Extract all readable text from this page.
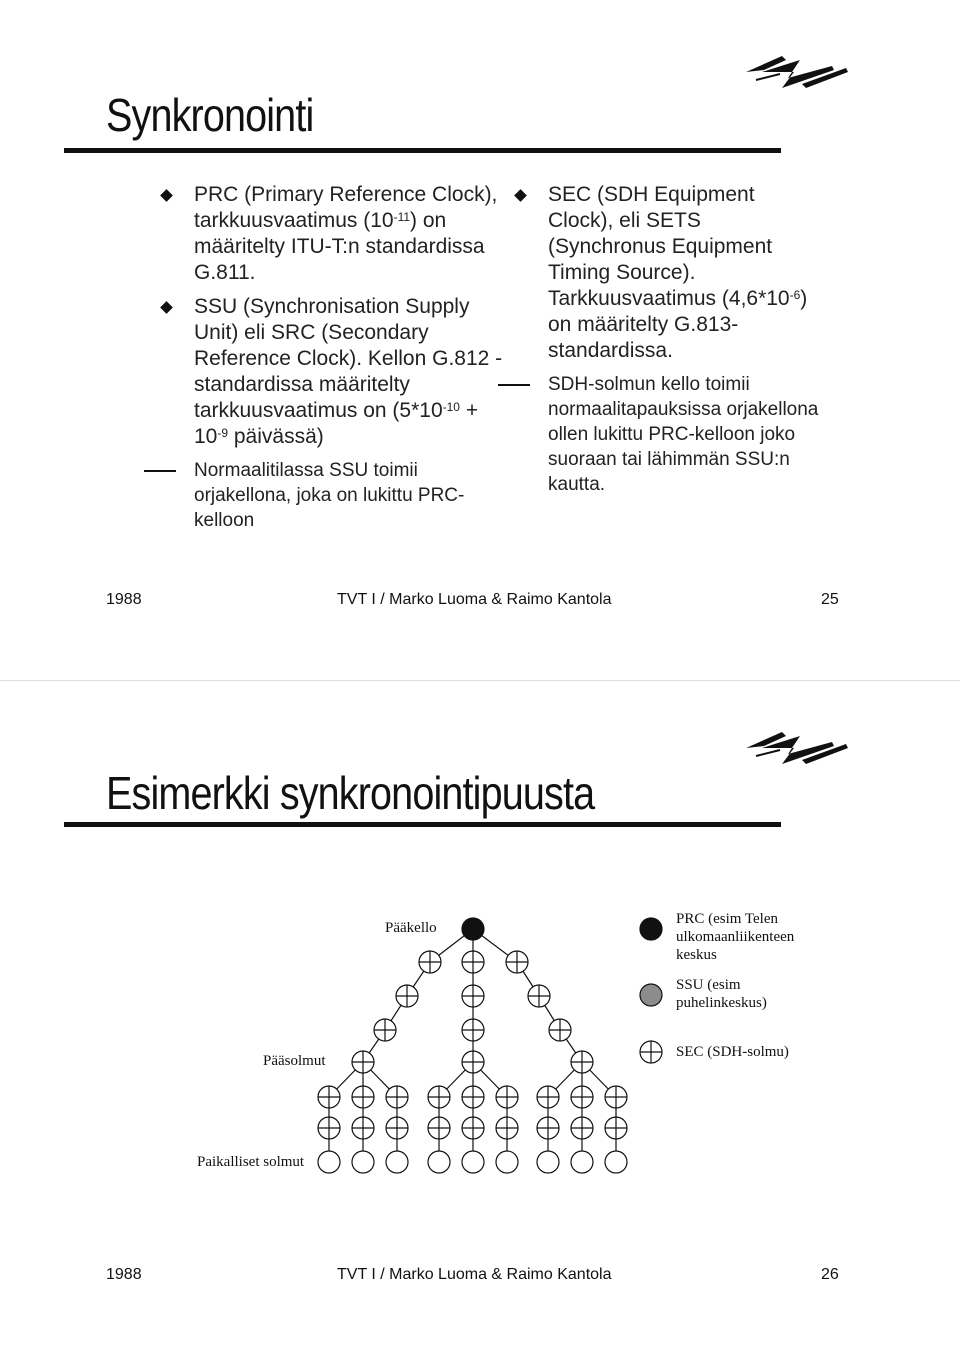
Synkronointi
PRC (Primary Reference Clock), tarkkuusvaatimus $(10^{-11})$ on määritelty ITU-T:n standardissa G.811.
SSU (Synchronisation Supply Unit) eli SRC (Secondary Reference Clock). Kellon G.812 - standardissa määritelty tarkkuusvaatimus on ($5*10^{-10} + 10^{-9}$ päivässä)
Normaalitilassa SSU toimii orjakellona, joka on lukittu PRC-kelloon
SEC (SDH Equipment Clock), eli SETS (Synchronus Equipment Timing Source). Tarkkuusvaatimus $(4,6*10^{-6})$ on määritelty G.813-standardissa.
SDH-solmun kello toimii normaalitapauksissa orjakellona ollen lukittu PRC-kelloon joko suoraan tai lähimmän SSU:n kautta.
1988	TVT I / Marko Luoma & Raimo Kantola	25
Esimerkki synkronointipuusta
Pääkello
Pääsolmut
Paikalliset solmut
PRC (esim Telen ulkomaanliikenteen keskus
SSU (esim puhelinkeskus)
SEC (SDH-solmu)
1988	TVT I / Marko Luoma & Raimo Kantola	26
